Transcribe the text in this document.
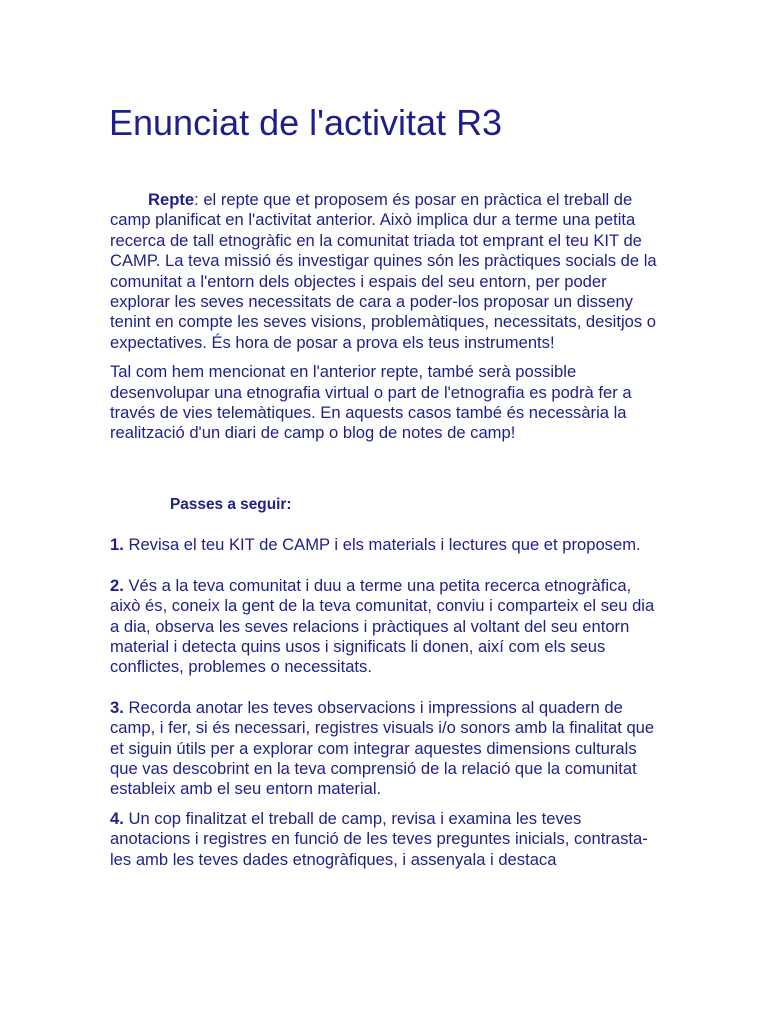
Enunciat de l'activitat R3

Repte: el repte que et proposem és posar en pràctica el treball de camp planificat en l'activitat anterior. Això implica dur a terme una petita recerca de tall etnogràfic en la comunitat triada tot emprant el teu KIT de CAMP. La teva missió és investigar quines són les pràctiques socials de la comunitat a l'entorn dels objectes i espais del seu entorn, per poder explorar les seves necessitats de cara a poder-los proposar un disseny tenint en compte les seves visions, problemàtiques, necessitats, desitjos o expectatives. És hora de posar a prova els teus instruments!

Tal com hem mencionat en l'anterior repte, també serà possible desenvolupar una etnografia virtual o part de l'etnografia es podrà fer a través de vies telemàtiques. En aquests casos també és necessària la realització d'un diari de camp o blog de notes de camp!

Passes a seguir:

1. Revisa el teu KIT de CAMP i els materials i lectures que et proposem.

2. Vés a la teva comunitat i duu a terme una petita recerca etnogràfica, això és, coneix la gent de la teva comunitat, conviu i comparteix el seu dia a dia, observa les seves relacions i pràctiques al voltant del seu entorn material i detecta quins usos i significats li donen, així com els seus conflictes, problemes o necessitats.

3. Recorda anotar les teves observacions i impressions al quadern de camp, i fer, si és necessari, registres visuals i/o sonors amb la finalitat que et siguin útils per a explorar com integrar aquestes dimensions culturals que vas descobrint en la teva comprensió de la relació que la comunitat estableix amb el seu entorn material.

4. Un cop finalitzat el treball de camp, revisa i examina les teves anotacions i registres en funció de les teves preguntes inicials, contrasta-les amb les teves dades etnogràfiques, i assenyala i destaca
